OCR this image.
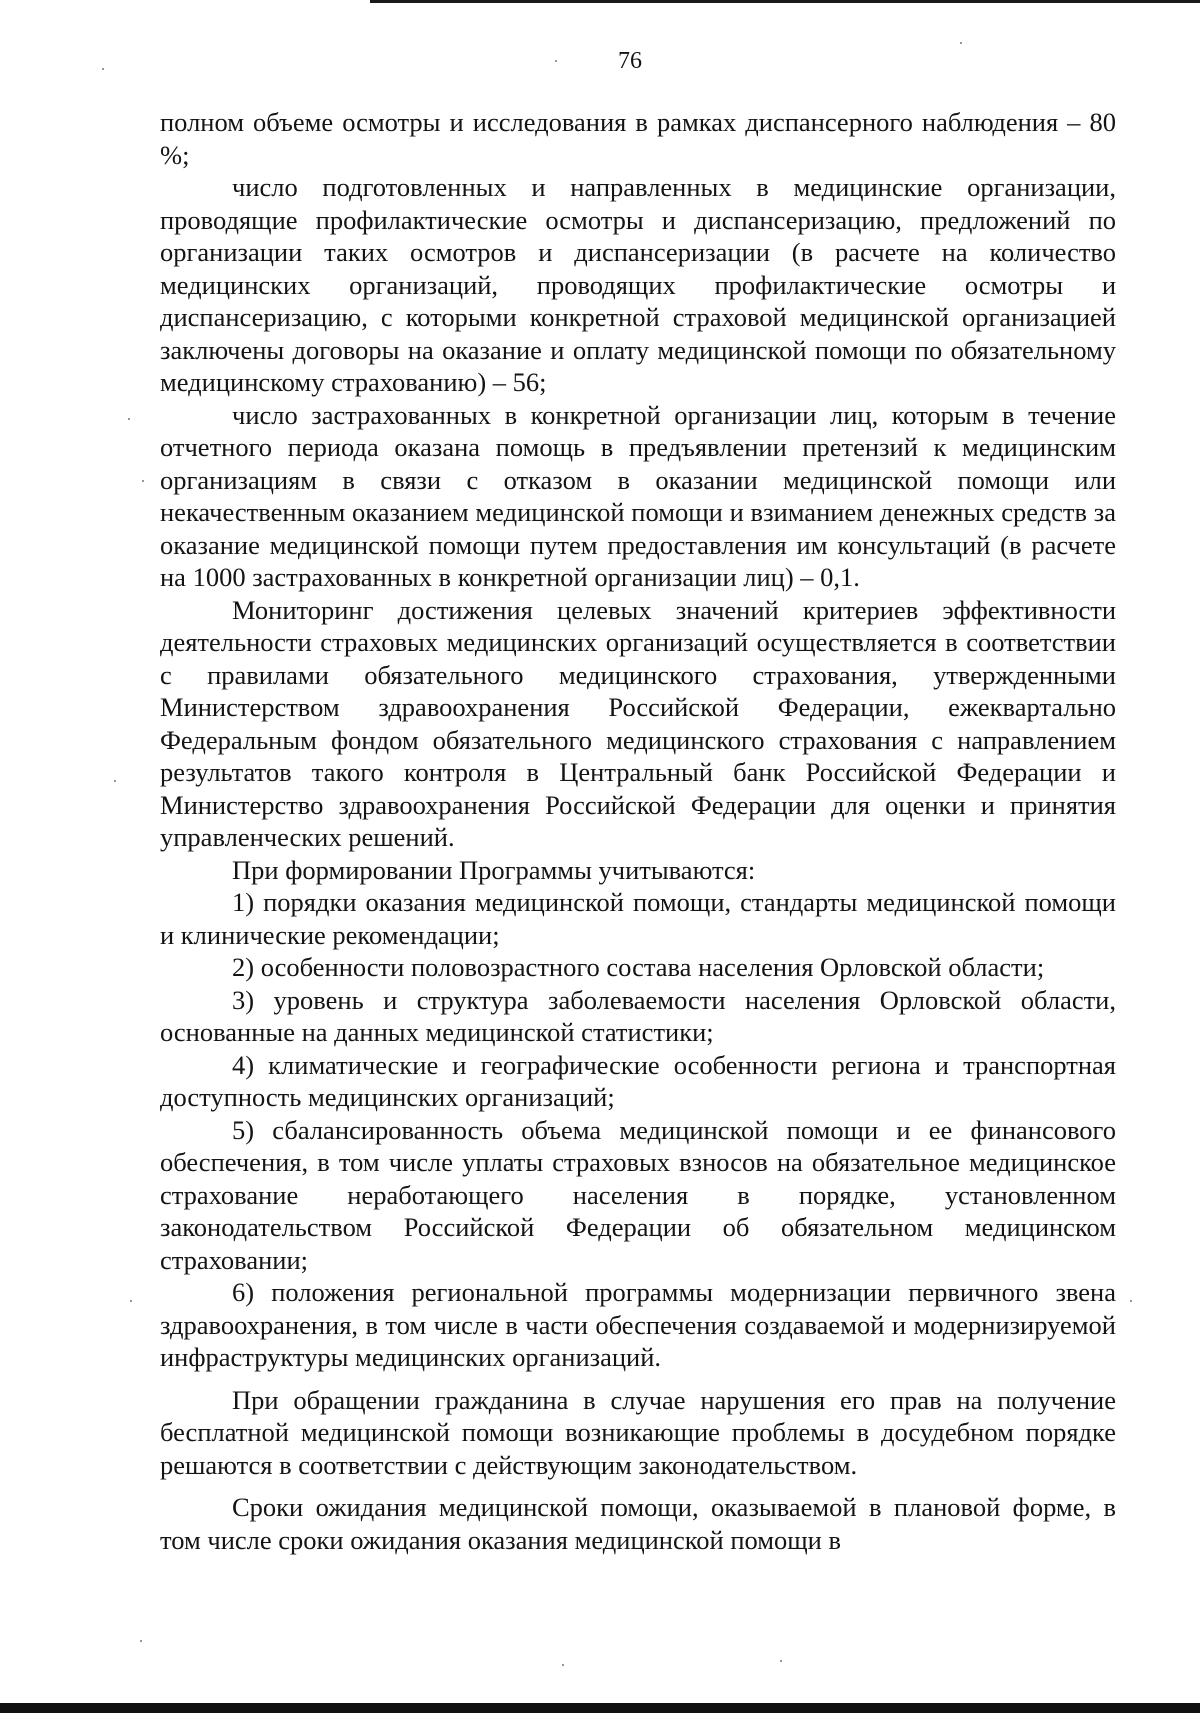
76

полном объеме осмотры и исследования в рамках диспансерного наблюдения – 80 %;

число подготовленных и направленных в медицинские организации, проводящие профилактические осмотры и диспансеризацию, предложений по организации таких осмотров и диспансеризации (в расчете на количество медицинских организаций, проводящих профилактические осмотры и диспансеризацию, с которыми конкретной страховой медицинской организацией заключены договоры на оказание и оплату медицинской помощи по обязательному медицинскому страхованию) – 56;

число застрахованных в конкретной организации лиц, которым в течение отчетного периода оказана помощь в предъявлении претензий к медицинским организациям в связи с отказом в оказании медицинской помощи или некачественным оказанием медицинской помощи и взиманием денежных средств за оказание медицинской помощи путем предоставления им консультаций (в расчете на 1000 застрахованных в конкретной организации лиц) – 0,1.

Мониторинг достижения целевых значений критериев эффективности деятельности страховых медицинских организаций осуществляется в соответствии с правилами обязательного медицинского страхования, утвержденными Министерством здравоохранения Российской Федерации, ежеквартально Федеральным фондом обязательного медицинского страхования с направлением результатов такого контроля в Центральный банк Российской Федерации и Министерство здравоохранения Российской Федерации для оценки и принятия управленческих решений.

При формировании Программы учитываются:

1) порядки оказания медицинской помощи, стандарты медицинской помощи и клинические рекомендации;

2) особенности половозрастного состава населения Орловской области;

3) уровень и структура заболеваемости населения Орловской области, основанные на данных медицинской статистики;

4) климатические и географические особенности региона и транспортная доступность медицинских организаций;

5) сбалансированность объема медицинской помощи и ее финансового обеспечения, в том числе уплаты страховых взносов на обязательное медицинское страхование неработающего населения в порядке, установленном законодательством Российской Федерации об обязательном медицинском страховании;

6) положения региональной программы модернизации первичного звена здравоохранения, в том числе в части обеспечения создаваемой и модернизируемой инфраструктуры медицинских организаций.

При обращении гражданина в случае нарушения его прав на получение бесплатной медицинской помощи возникающие проблемы в досудебном порядке решаются в соответствии с действующим законодательством.

Сроки ожидания медицинской помощи, оказываемой в плановой форме, в том числе сроки ожидания оказания медицинской помощи в
